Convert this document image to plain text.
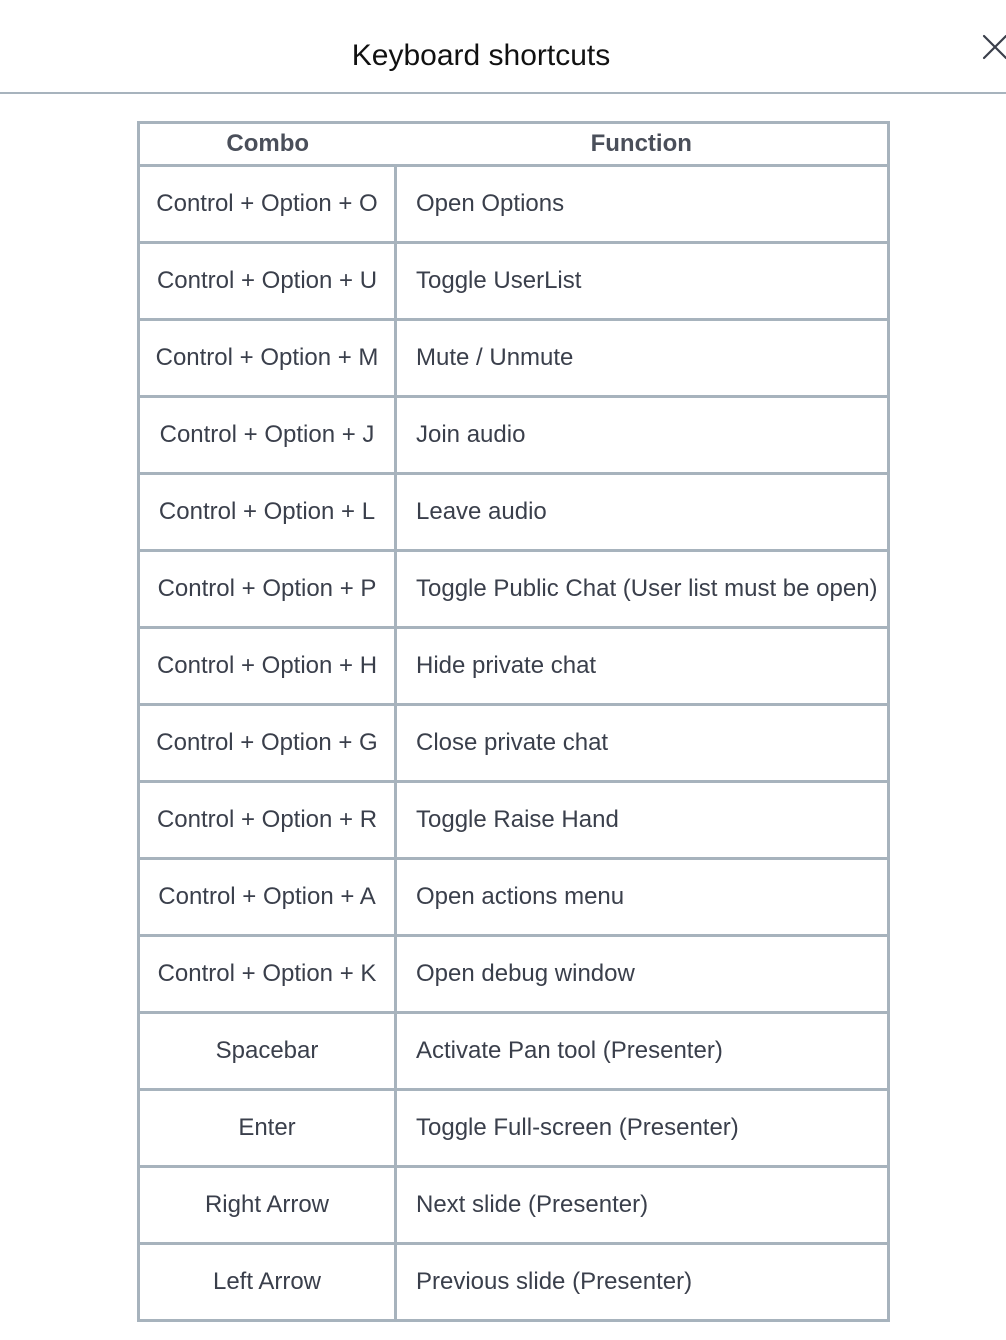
Keyboard shortcuts
Combo	Function
Control + Option + O	Open Options
Control + Option + U	Toggle UserList
Control + Option + M	Mute / Unmute
Control + Option + J	Join audio
Control + Option + L	Leave audio
Control + Option + P	Toggle Public Chat (User list must be open)
Control + Option + H	Hide private chat
Control + Option + G	Close private chat
Control + Option + R	Toggle Raise Hand
Control + Option + A	Open actions menu
Control + Option + K	Open debug window
Spacebar	Activate Pan tool (Presenter)
Enter	Toggle Full-screen (Presenter)
Right Arrow	Next slide (Presenter)
Left Arrow	Previous slide (Presenter)
